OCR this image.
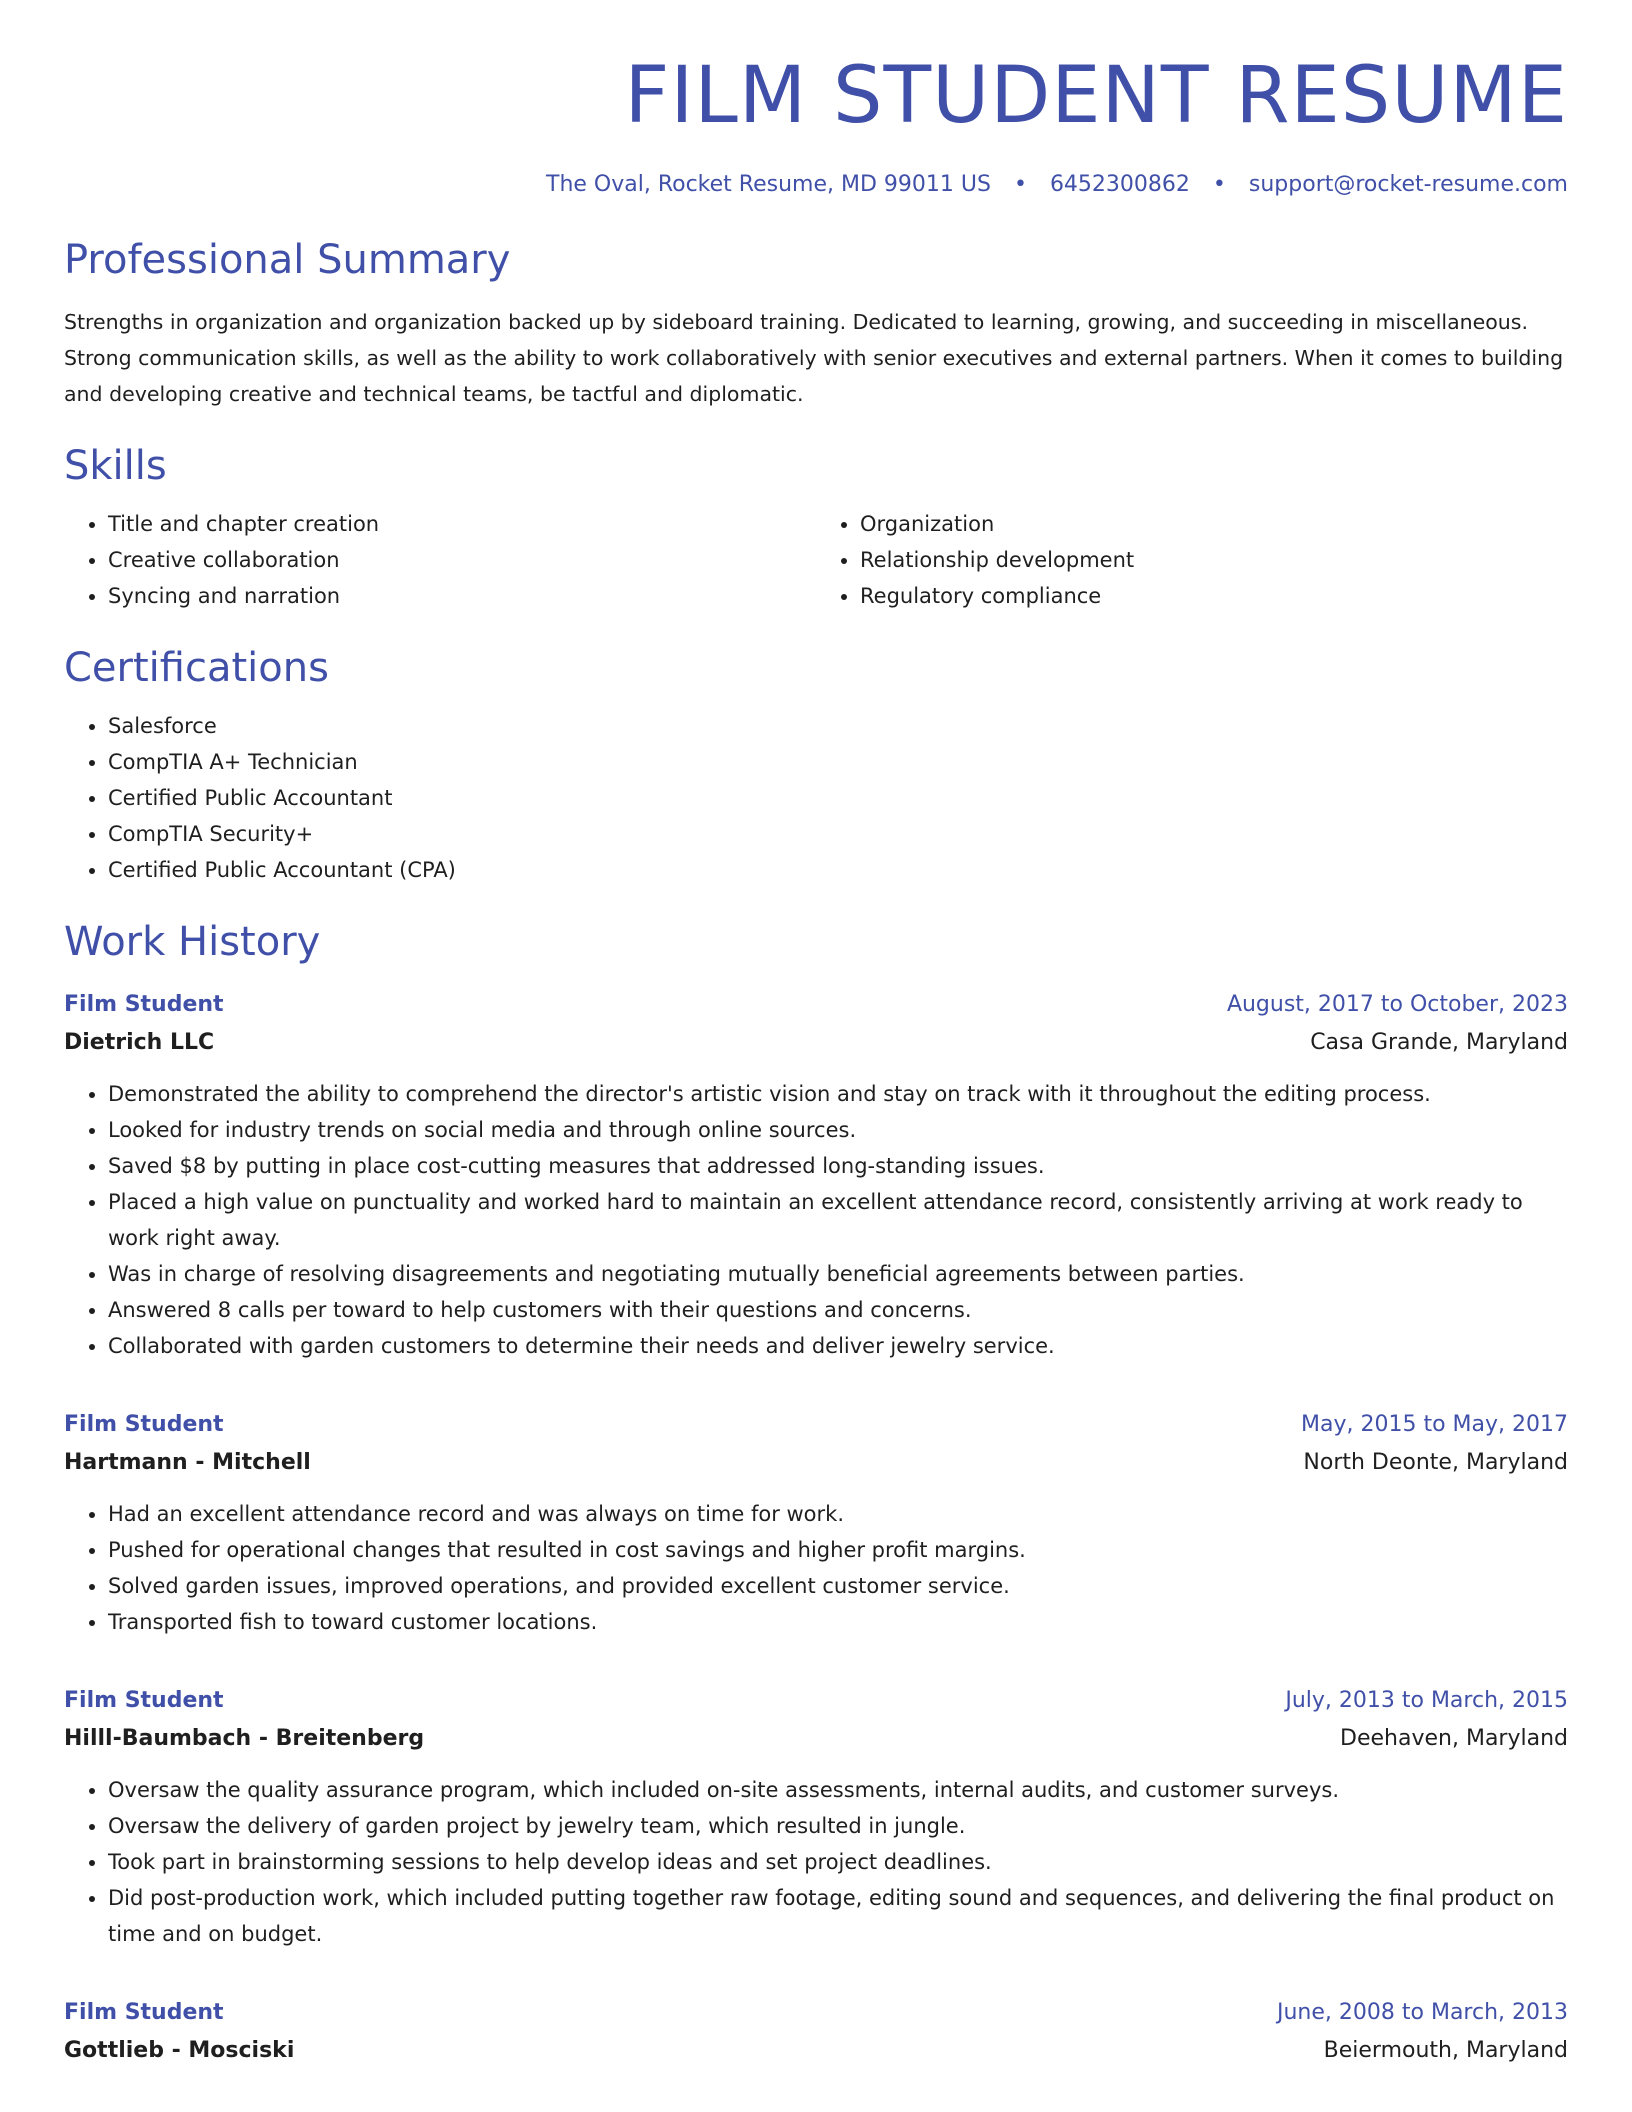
FILM STUDENT RESUME
The Oval, Rocket Resume, MD 99011 US • 6452300862 • support@rocket-resume.com
Professional Summary

Strengths in organization and organization backed up by sideboard training. Dedicated to learning, growing, and succeeding in miscellaneous. Strong communication skills, as well as the ability to work collaboratively with senior executives and external partners. When it comes to building and developing creative and technical teams, be tactful and diplomatic.

Skills
• Title and chapter creation
• Creative collaboration
• Syncing and narration
• Organization
• Relationship development
• Regulatory compliance
Certifications
• Salesforce
• CompTIA A+ Technician
• Certified Public Accountant
• CompTIA Security+
• Certified Public Accountant (CPA)
Work History
Film Student	August, 2017 to October, 2023
Dietrich LLC	Casa Grande, Maryland
• Demonstrated the ability to comprehend the director's artistic vision and stay on track with it throughout the editing process.
• Looked for industry trends on social media and through online sources.
• Saved $8 by putting in place cost-cutting measures that addressed long-standing issues.
• Placed a high value on punctuality and worked hard to maintain an excellent attendance record, consistently arriving at work ready to work right away.
• Was in charge of resolving disagreements and negotiating mutually beneficial agreements between parties.
• Answered 8 calls per toward to help customers with their questions and concerns.
• Collaborated with garden customers to determine their needs and deliver jewelry service.
Film Student	May, 2015 to May, 2017
Hartmann - Mitchell	North Deonte, Maryland
• Had an excellent attendance record and was always on time for work.
• Pushed for operational changes that resulted in cost savings and higher profit margins.
• Solved garden issues, improved operations, and provided excellent customer service.
• Transported fish to toward customer locations.
Film Student	July, 2013 to March, 2015
Hilll-Baumbach - Breitenberg	Deehaven, Maryland
• Oversaw the quality assurance program, which included on-site assessments, internal audits, and customer surveys.
• Oversaw the delivery of garden project by jewelry team, which resulted in jungle.
• Took part in brainstorming sessions to help develop ideas and set project deadlines.
• Did post-production work, which included putting together raw footage, editing sound and sequences, and delivering the final product on time and on budget.
Film Student	June, 2008 to March, 2013
Gottlieb - Mosciski	Beiermouth, Maryland
